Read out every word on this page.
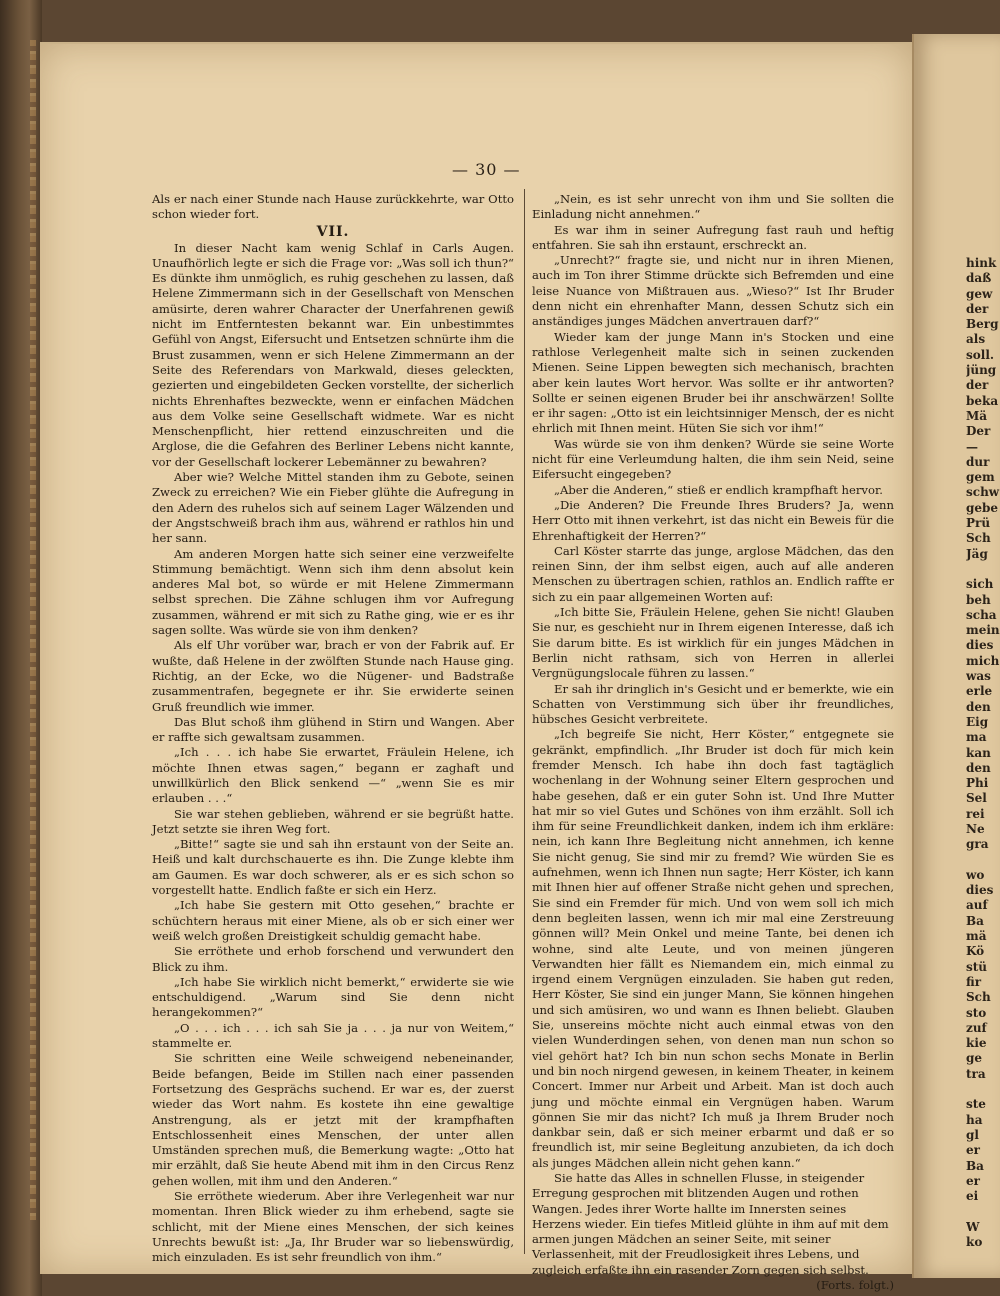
— 30 —

Als er nach einer Stunde nach Hause zurückkehrte, war Otto schon wieder fort.

VII.

In dieser Nacht kam wenig Schlaf in Carls Augen. Unaufhörlich legte er sich die Frage vor: „Was soll ich thun?“ Es dünkte ihm unmöglich, es ruhig geschehen zu lassen, daß Helene Zimmermann sich in der Gesellschaft von Menschen amüsirte, deren wahrer Character der Unerfahrenen gewiß nicht im Entferntesten bekannt war. Ein unbestimmtes Gefühl von Angst, Eifersucht und Entsetzen schnürte ihm die Brust zusammen, wenn er sich Helene Zimmermann an der Seite des Referendars von Markwald, dieses geleckten, gezierten und eingebildeten Gecken vorstellte, der sicherlich nichts Ehrenhaftes bezweckte, wenn er einfachen Mädchen aus dem Volke seine Gesellschaft widmete. War es nicht Menschenpflicht, hier rettend einzuschreiten und die Arglose, die die Gefahren des Berliner Lebens nicht kannte, vor der Gesellschaft lockerer Lebemänner zu bewahren?

Aber wie? Welche Mittel standen ihm zu Gebote, seinen Zweck zu erreichen? Wie ein Fieber glühte die Aufregung in den Adern des ruhelos sich auf seinem Lager Wälzenden und der Angstschweiß brach ihm aus, während er rathlos hin und her sann.

Am anderen Morgen hatte sich seiner eine verzweifelte Stimmung bemächtigt. Wenn sich ihm denn absolut kein anderes Mal bot, so würde er mit Helene Zimmermann selbst sprechen. Die Zähne schlugen ihm vor Aufregung zusammen, während er mit sich zu Rathe ging, wie er es ihr sagen sollte. Was würde sie von ihm denken?

Als elf Uhr vorüber war, brach er von der Fabrik auf. Er wußte, daß Helene in der zwölften Stunde nach Hause ging. Richtig, an der Ecke, wo die Nügener- und Badstraße zusammentrafen, begegnete er ihr. Sie erwiderte seinen Gruß freundlich wie immer.

Das Blut schoß ihm glühend in Stirn und Wangen. Aber er raffte sich gewaltsam zusammen.

„Ich . . . ich habe Sie erwartet, Fräulein Helene, ich möchte Ihnen etwas sagen,“ begann er zaghaft und unwillkürlich den Blick senkend —“ „wenn Sie es mir erlauben . . .“

Sie war stehen geblieben, während er sie begrüßt hatte. Jetzt setzte sie ihren Weg fort.

„Bitte!“ sagte sie und sah ihn erstaunt von der Seite an. Heiß und kalt durchschauerte es ihn. Die Zunge klebte ihm am Gaumen. Es war doch schwerer, als er es sich schon so vorgestellt hatte. Endlich faßte er sich ein Herz.

„Ich habe Sie gestern mit Otto gesehen,“ brachte er schüchtern heraus mit einer Miene, als ob er sich einer wer weiß welch großen Dreistigkeit schuldig gemacht habe.

Sie erröthete und erhob forschend und verwundert den Blick zu ihm.

„Ich habe Sie wirklich nicht bemerkt,“ erwiderte sie wie entschuldigend. „Warum sind Sie denn nicht herangekommen?“

„O . . . ich . . . ich sah Sie ja . . . ja nur von Weitem,“ stammelte er.

Sie schritten eine Weile schweigend nebeneinander, Beide befangen, Beide im Stillen nach einer passenden Fortsetzung des Gesprächs suchend. Er war es, der zuerst wieder das Wort nahm. Es kostete ihn eine gewaltige Anstrengung, als er jetzt mit der krampfhaften Entschlossenheit eines Menschen, der unter allen Umständen sprechen muß, die Bemerkung wagte: „Otto hat mir erzählt, daß Sie heute Abend mit ihm in den Circus Renz gehen wollen, mit ihm und den Anderen.“

Sie erröthete wiederum. Aber ihre Verlegenheit war nur momentan. Ihren Blick wieder zu ihm erhebend, sagte sie schlicht, mit der Miene eines Menschen, der sich keines Unrechts bewußt ist: „Ja, Ihr Bruder war so liebenswürdig, mich einzuladen. Es ist sehr freundlich von ihm.“

„Nein, es ist sehr unrecht von ihm und Sie sollten die Einladung nicht annehmen.“

Es war ihm in seiner Aufregung fast rauh und heftig entfahren. Sie sah ihn erstaunt, erschreckt an.

„Unrecht?“ fragte sie, und nicht nur in ihren Mienen, auch im Ton ihrer Stimme drückte sich Befremden und eine leise Nuance von Mißtrauen aus. „Wieso?“ Ist Ihr Bruder denn nicht ein ehrenhafter Mann, dessen Schutz sich ein anständiges junges Mädchen anvertrauen darf?“

Wieder kam der junge Mann in's Stocken und eine rathlose Verlegenheit malte sich in seinen zuckenden Mienen. Seine Lippen bewegten sich mechanisch, brachten aber kein lautes Wort hervor. Was sollte er ihr antworten? Sollte er seinen eigenen Bruder bei ihr anschwärzen! Sollte er ihr sagen: „Otto ist ein leichtsinniger Mensch, der es nicht ehrlich mit Ihnen meint. Hüten Sie sich vor ihm!“

Was würde sie von ihm denken? Würde sie seine Worte nicht für eine Verleumdung halten, die ihm sein Neid, seine Eifersucht eingegeben?

„Aber die Anderen,“ stieß er endlich krampfhaft hervor.

„Die Anderen? Die Freunde Ihres Bruders? Ja, wenn Herr Otto mit ihnen verkehrt, ist das nicht ein Beweis für die Ehrenhaftigkeit der Herren?“

Carl Köster starrte das junge, arglose Mädchen, das den reinen Sinn, der ihm selbst eigen, auch auf alle anderen Menschen zu übertragen schien, rathlos an. Endlich raffte er sich zu ein paar allgemeinen Worten auf:

„Ich bitte Sie, Fräulein Helene, gehen Sie nicht! Glauben Sie nur, es geschieht nur in Ihrem eigenen Interesse, daß ich Sie darum bitte. Es ist wirklich für ein junges Mädchen in Berlin nicht rathsam, sich von Herren in allerlei Vergnügungslocale führen zu lassen.“

Er sah ihr dringlich in's Gesicht und er bemerkte, wie ein Schatten von Verstimmung sich über ihr freundliches, hübsches Gesicht verbreitete.

„Ich begreife Sie nicht, Herr Köster,“ entgegnete sie gekränkt, empfindlich. „Ihr Bruder ist doch für mich kein fremder Mensch. Ich habe ihn doch fast tagtäglich wochenlang in der Wohnung seiner Eltern gesprochen und habe gesehen, daß er ein guter Sohn ist. Und Ihre Mutter hat mir so viel Gutes und Schönes von ihm erzählt. Soll ich ihm für seine Freundlichkeit danken, indem ich ihm erkläre: nein, ich kann Ihre Begleitung nicht annehmen, ich kenne Sie nicht genug, Sie sind mir zu fremd? Wie würden Sie es aufnehmen, wenn ich Ihnen nun sagte; Herr Köster, ich kann mit Ihnen hier auf offener Straße nicht gehen und sprechen, Sie sind ein Fremder für mich. Und von wem soll ich mich denn begleiten lassen, wenn ich mir mal eine Zerstreuung gönnen will? Mein Onkel und meine Tante, bei denen ich wohne, sind alte Leute, und von meinen jüngeren Verwandten hier fällt es Niemandem ein, mich einmal zu irgend einem Vergnügen einzuladen. Sie haben gut reden, Herr Köster, Sie sind ein junger Mann, Sie können hingehen und sich amüsiren, wo und wann es Ihnen beliebt. Glauben Sie, unsereins möchte nicht auch einmal etwas von den vielen Wunderdingen sehen, von denen man nun schon so viel gehört hat? Ich bin nun schon sechs Monate in Berlin und bin noch nirgend gewesen, in keinem Theater, in keinem Concert. Immer nur Arbeit und Arbeit. Man ist doch auch jung und möchte einmal ein Vergnügen haben. Warum gönnen Sie mir das nicht? Ich muß ja Ihrem Bruder noch dankbar sein, daß er sich meiner erbarmt und daß er so freundlich ist, mir seine Begleitung anzubieten, da ich doch als junges Mädchen allein nicht gehen kann.“

Sie hatte das Alles in schnellen Flusse, in steigender Erregung gesprochen mit blitzenden Augen und rothen Wangen. Jedes ihrer Worte hallte im Innersten seines Herzens wieder. Ein tiefes Mitleid glühte in ihm auf mit dem armen jungen Mädchen an seiner Seite, mit seiner Verlassenheit, mit der Freudlosigkeit ihres Lebens, und zugleich erfaßte ihn ein rasender Zorn gegen sich selbst.
(Forts. folgt.)

hink
daß
gew
der
Berg
als
soll.
jüng
der
beka
Mä
Der
—
dur
gem
schw
gebe
Prü
Sch
Jäg
sich
beh
scha
mein
dies
mich
was
erle
den
Eig
ma
kan
den
Phi
Sel
rei
Ne
gra
wo
dies
auf
Ba
mä
Kö
stü
fir
Sch
sto
zuf
kie
ge
tra
ste
ha
gl
er
Ba
er
ei
W
ko
